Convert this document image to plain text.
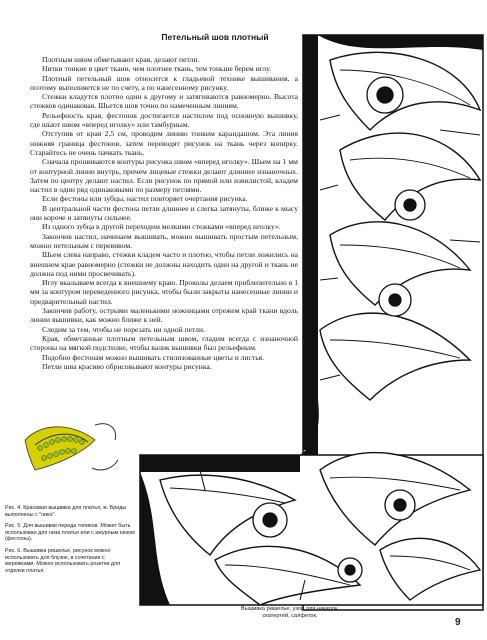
Петельный шов плотный

Плотным швом обметывают края, делают петли.

Нитки тонкие в цвет ткани, чем плотнее ткань, тем тоньше берем иглу.

Плотный петельный шов относится к гладьевой технике вышивания, а поэтому выполняется не по счету, а по нанесенному рисунку.

Стежки кладутся плотно один к другому и затягиваются равномерно. Высота стежков одинаковая. Шьется шов точно по намеченным линиям.

Рельефность края, фестонов достигается настилом под основную вышивку, где шьют швом «вперед иголку» или тамбурным.

Отступив от края 2,5 см, проводим линию тонким карандашом. Эта линия нижняя граница фестонов, затем переводят рисунок на ткань через копирку. Старайтесь не очень пачкать ткань.

Сначала прошиваются контуры рисунка швом «вперед иголку». Шьем на 1 мм от контурной линии внутрь, причем лицевые стежки делают длиннее изнаночных. Затем по центру делают настил. Если рисунок по прямой или извилистой, кладем настил в один ряд одинаковыми по размеру петлями.

Если фестоны или зубцы, настил повторяет очертания рисунка.

В центральной части фестона петли длиннее и слегка затянуты, ближе к мысу они короче и затянуты сильнее.

Из одного зубца в другой переходим мелкими стежками «вперед иголку».

Закончив настил, начинаем вышивать, можно вышивать простым петельным, можно петельным с перевивом.

Шьем слева направо, стежки кладем часто и плотно, чтобы петли ложились на внешнем крае равномерно (стежки не должны находить один на другой и ткань не должна под ними просвечивать).

Иглу вкалываем всегда к внешнему краю. Проколы делаем приблизительно в 1 мм за контуром переведенного рисунка, чтобы были закрыты нанесенные линии и предварительный настил.

Закончив работу, острыми маленькими ножницами отрежем край ткани вдоль линии вышивки, как можно ближе к ней.

Следим за тем, чтобы не порезать ни одной петли.

Края, обметанные плотным петельным швом, гладим всегда с изнаночной стороны на мягкой подстилке, чтобы валик вышивки был рельефным.

Подобно фестонам можно вышивать стилизованные цветы и листья.

Петли шва красиво обрисовывают контуры рисунка.

Рис. 4. Красивая вышивка для платья, ж. Бриды выполнены с "пико".

Рис. 5. Для вышивки переда топиков. Может быть использован для низа платья или с ажурным низом (фестоны).

Рис. 6. Вышивка ришелье, рисунок можно использовать для блузок, в сочетании с мережками. Можно использовать розетки для отделки платья.

Вышивка ришелье, узор для накидок, скатертей, салфеток.
9
